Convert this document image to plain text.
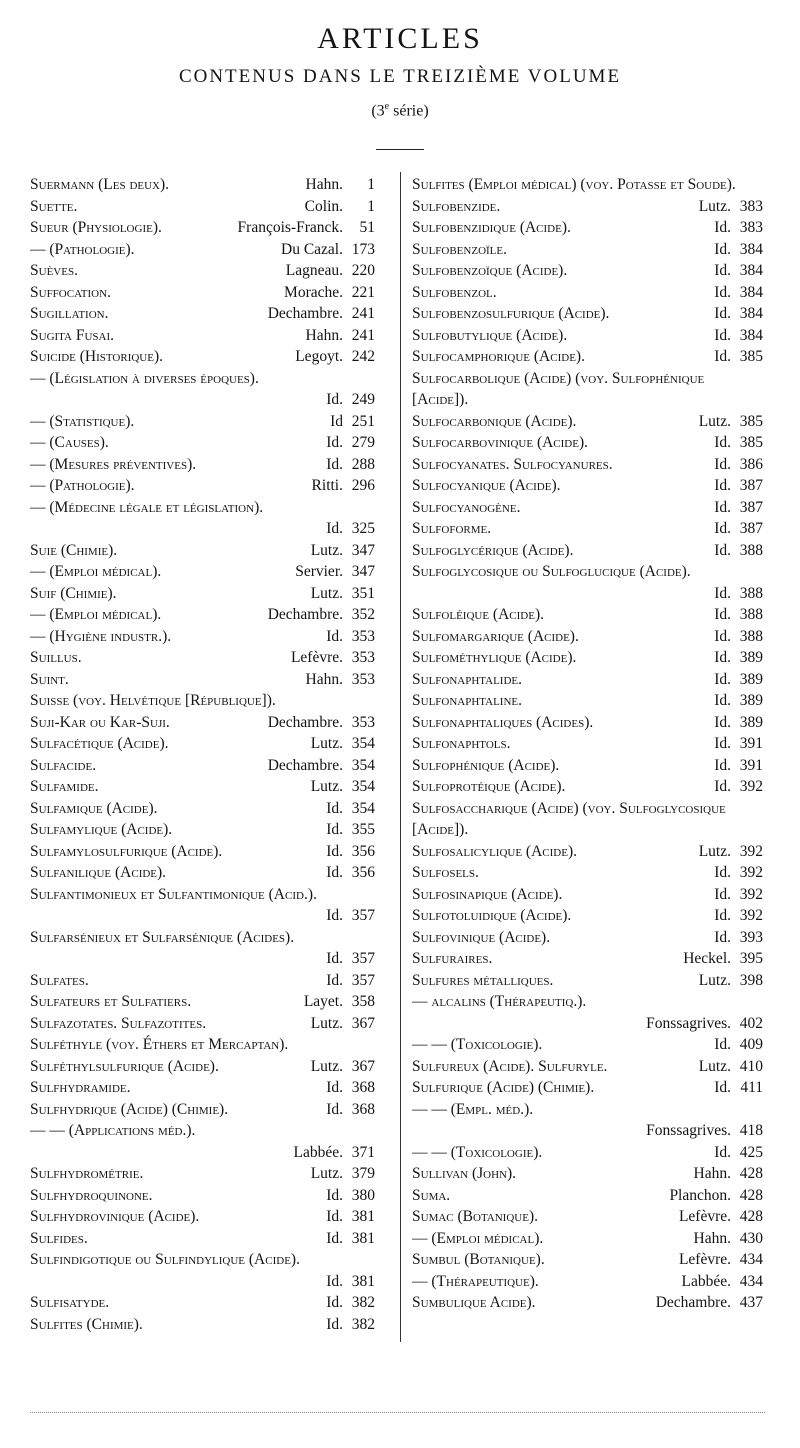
ARTICLES
CONTENUS DANS LE TREIZIÈME VOLUME
(3e série)
Suermann (Les deux).	Hahn.	1
Suette.	Colin.	1
Sueur (Physiologie).	François-Franck.	51
— (Pathologie).	Du Cazal. 173
Suèves.	Lagneau. 220
Suffocation.	Morache. 221
Sugillation.	Dechambre. 241
Sugita Fusai.	Hahn. 241
Suicide (Historique).	Legoyt. 242
— (Législation à diverses époques).
Id. 249
— (Statistique).	Id 251
— (Causes).	Id. 279
— (Mesures préventives).	Id. 288
— (Pathologie).	Ritti. 296
— (Médecine légale et législation).
Id. 325
Suie (Chimie).	Lutz. 347
— (Emploi médical).	Servier. 347
Suif (Chimie).	Lutz. 351
— (Emploi médical).	Dechambre. 352
— (Hygiène industr.).	Id. 353
Suillus.	Lefèvre. 353
Suint.	Hahn. 353
Suisse (voy. Helvétique [République]).
Suji-Kar ou Kar-Suji.	Dechambre. 353
Sulfacétique (Acide).	Lutz. 354
Sulfacide.	Dechambre. 354
Sulfamide.	Lutz. 354
Sulfamique (Acide).	Id. 354
Sulfamylique (Acide).	Id. 355
Sulfamylosulfurique (Acide).	Id. 356
Sulfanilique (Acide).	Id. 356
Sulfantimonieux et Sulfantimonique (Acid.).
Id. 357
Sulfarsénieux et Sulfarsénique (Acides).
Id. 357
Sulfates.	Id. 357
Sulfateurs et Sulfatiers.	Layet. 358
Sulfazotates. Sulfazotites.	Lutz. 367
Sulféthyle (voy. Éthers et Mercaptan).
Sulféthylsulfurique (Acide).	Lutz. 367
Sulfhydramide.	Id. 368
Sulfhydrique (Acide) (Chimie).	Id. 368
— — (Applications méd.).
Labbée. 371
Sulfhydrométrie.	Lutz. 379
Sulfhydroquinone.	Id. 380
Sulfhydrovinique (Acide).	Id. 381
Sulfides.	Id. 381
Sulfindigotique ou Sulfindylique (Acide).
Id. 381
Sulfisatyde.	Id. 382
Sulfites (Chimie).	Id. 382
Sulfites (Emploi médical) (voy. Potasse et Soude).
Sulfobenzide.	Lutz. 383
Sulfobenzidique (Acide).	Id. 383
Sulfobenzoïle.	Id. 384
Sulfobenzoïque (Acide).	Id. 384
Sulfobenzol.	Id. 384
Sulfobenzosulfurique (Acide).	Id. 384
Sulfobutylique (Acide).	Id. 384
Sulfocamphorique (Acide).	Id. 385
Sulfocarbolique (Acide) (voy. Sulfophénique [Acide]).
Sulfocarbonique (Acide).	Lutz. 385
Sulfocarbovinique (Acide).	Id. 385
Sulfocyanates. Sulfocyanures.	Id. 386
Sulfocyanique (Acide).	Id. 387
Sulfocyanogène.	Id. 387
Sulfoforme.	Id. 387
Sulfoglycérique (Acide).	Id. 388
Sulfoglycosique ou Sulfoglucique (Acide).
Id. 388
Sulfoléique (Acide).	Id. 388
Sulfomargarique (Acide).	Id. 388
Sulfométhylique (Acide).	Id. 389
Sulfonaphtalide.	Id. 389
Sulfonaphtaline.	Id. 389
Sulfonaphtaliques (Acides).	Id. 389
Sulfonaphtols.	Id. 391
Sulfophénique (Acide).	Id. 391
Sulfoprotéique (Acide).	Id. 392
Sulfosaccharique (Acide) (voy. Sulfoglycosique [Acide]).
Sulfosalicylique (Acide).	Lutz. 392
Sulfosels.	Id. 392
Sulfosinapique (Acide).	Id. 392
Sulfotoluidique (Acide).	Id. 392
Sulfovinique (Acide).	Id. 393
Sulfuraires.	Heckel. 395
Sulfures métalliques.	Lutz. 398
— alcalins (Thérapeutiq.).
Fonssagrives. 402
— — (Toxicologie).	Id. 409
Sulfureux (Acide). Sulfuryle.	Lutz. 410
Sulfurique (Acide) (Chimie).	Id. 411
— — (Empl. méd.).
Fonssagrives. 418
— — (Toxicologie).	Id. 425
Sullivan (John).	Hahn. 428
Suma.	Planchon. 428
Sumac (Botanique).	Lefèvre. 428
— (Emploi médical).	Hahn. 430
Sumbul (Botanique).	Lefèvre. 434
— (Thérapeutique).	Labbée. 434
Sumbulique Acide).	Dechambre. 437
